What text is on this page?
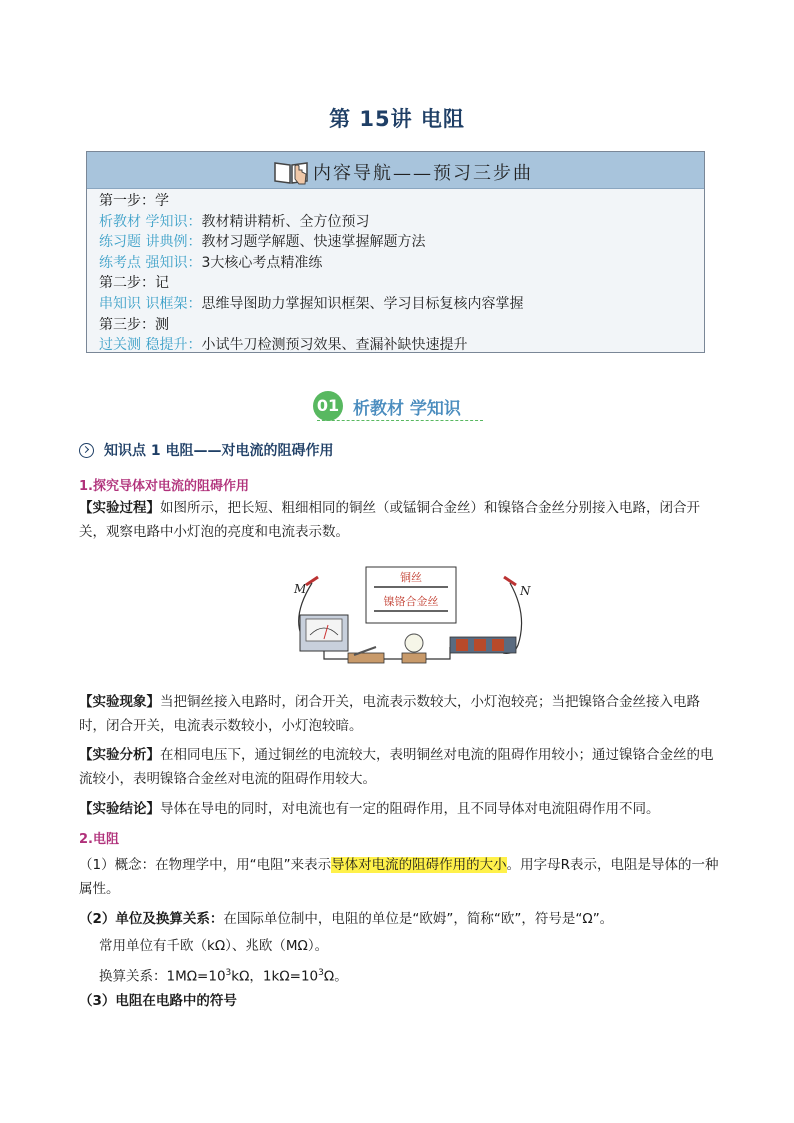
第 15讲 电阻
内容导航——预习三步曲
第一步：学
析教材 学知识：教材精讲精析、全方位预习
练习题 讲典例：教材习题学解题、快速掌握解题方法
练考点 强知识：3大核心考点精准练
第二步：记
串知识 识框架：思维导图助力掌握知识框架、学习目标复核内容掌握
第三步：测
过关测 稳提升：小试牛刀检测预习效果、查漏补缺快速提升
01 析教材 学知识
知识点 1 电阻——对电流的阻碍作用
1.探究导体对电流的阻碍作用
【实验过程】如图所示，把长短、粗细相同的铜丝（或锰铜合金丝）和镍铬合金丝分别接入电路，闭合开关，观察电路中小灯泡的亮度和电流表示数。
M	N
铜丝
镍铬合金丝
【实验现象】当把铜丝接入电路时，闭合开关，电流表示数较大，小灯泡较亮；当把镍铬合金丝接入电路时，闭合开关，电流表示数较小，小灯泡较暗。
【实验分析】在相同电压下，通过铜丝的电流较大，表明铜丝对电流的阻碍作用较小；通过镍铬合金丝的电流较小，表明镍铬合金丝对电流的阻碍作用较大。
【实验结论】导体在导电的同时，对电流也有一定的阻碍作用，且不同导体对电流阻碍作用不同。
2.电阻
（1）概念：在物理学中，用“电阻”来表示导体对电流的阻碍作用的大小。用字母R表示，电阻是导体的一种属性。
（2）单位及换算关系：在国际单位制中，电阻的单位是“欧姆”，简称“欧”，符号是“Ω”。
常用单位有千欧（kΩ）、兆欧（MΩ）。
换算关系：$1M\Omega=10^3k\Omega$，$1k\Omega=10^3\Omega$。
（3）电阻在电路中的符号
